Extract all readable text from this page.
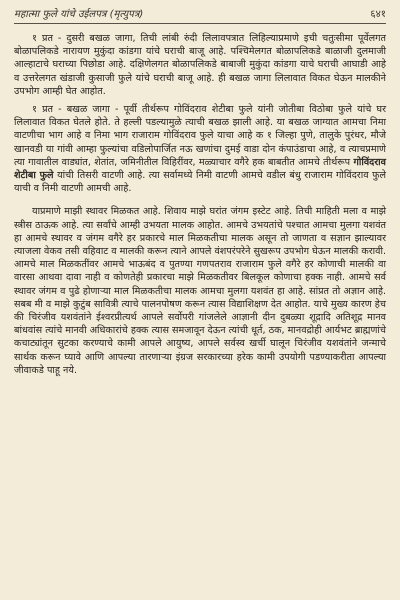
महात्मा फुले यांचे उईलपत्र (मृत्युपत्र)	६४१

१ प्रत - दुसरी बखळ जागा, तिची लांबी रुंदी लिलावपत्रात लिहिल्याप्रमाणे इची चतुःसीमा पूर्वेलगत बोळापलिकडे नारायण मुकुंदा कांडगा यांचे घराची बाजू आहे. पश्चिमेलगत बोळापलिकडे बाळाजी दुलमाजी आल्हाटाचे घराच्या पिछोडा आहे. दक्षिणेलगत बोळापलिकडे बाबाजी मुकुंदा कांडगा याचे घराची आघाडी आहे व उत्तरेलगत खंडाजी कुसाजी फुले यांचे घराची बाजू आहे. ही बखळ जागा लिलावात विकत घेऊन मालकीने उपभोग आम्ही घेत आहोत.

१ प्रत - बखळ जागा - पूर्वी तीर्थरूप गोविंदराव शेटीबा फुले यांनी जोतीबा विठोबा फुले यांचे घर लिलावात विकत घेतले होते. ते हल्ली पडल्यामुळे त्याची बखळ झाली आहे. या बखळ जाग्यात आमचा निमा वाटणीचा भाग आहे व निमा भाग राजाराम गोविंदराव फुले याचा आहे क १ जिल्हा पुणे, तालुके पुरंधर, मौजे खानवडी या गांवी आम्हा फुल्यांचा वडिलोपार्जित नऊ खणांचा दुमई वाडा दोन कंपाउंडाचा आहे, व त्याचप्रमाणे त्या गावातील वाड्यांत, शेतांत, जमिनीतील विहिरींवर, मळ्याचार वगैरे हक बाबतीत आमचे तीर्थरूप गोविंदराव शेटीबा फुले यांची तिसरी वाटणी आहे. त्या सर्वामध्ये निमी वाटणी आमचे वडील बंधु राजाराम गोविंदराव फुले याची व निमी वाटणी आमची आहे.

याप्रमाणे माझी स्थावर मिळकत आहे. शिवाय माझे घरांत जंगम इस्टेट आहे. तिची माहिती मला व माझे स्त्रीस ठाऊक आहे. त्या सर्वांचे आम्ही उभयता मालक आहोत. आमचे उभयतांचे पश्चात आमचा मुलगा यशवंत हा आमचे स्थावर व जंगम वगैरे हर प्रकारचे माल मिळकतीचा मालक असून तो जाणता व सज्ञान झाल्यावर त्याजला वेकव तसी वहिवाट व मालकी करून त्याने आपले वंशपरंपरेने सुखरूप उपभोग घेऊन मालकी करावी. आमचे माल मिळकतींवर आमचे भाऊबंद व पुतण्या गणपतराव राजाराम फुले वगैरे हर कोणाची मालकी वा वारसा आथवा दावा नाही व कोणतेही प्रकारचा माझे मिळकतीवर बिलकूल कोणाचा हक्क नाही. आमचे सर्व स्थावर जंगम व पुढे होणाऱ्या माल मिळकतीचा मालक आमचा मुलगा यशवंत हा आहे. सांप्रत तो अज्ञान आहे. सबब मी व माझे कुटुंब सावित्री त्याचे पालनपोषण करून त्यास विद्याशिक्षण देत आहोत. याचे मुख्य कारण हेच की चिरंजीव यशवंतांने ईश्वरप्रीत्यर्थ आपले सर्वोपरी गांजलेले आज्ञानी दीन दुबळ्या शूद्रादि अतिशूद्र मानव बांधवांस त्यांचे मानवी अधिकारांचे हक्क त्यास समजावून देऊन त्यांची धूर्त, ठक, मानवद्रोही आर्यभट ब्राह्मणांचे कचाट्यांतून सुटका करण्याचे कामी आपले आयुष्य, आपले सर्वस्व खर्ची घालून चिरंजीव यशवंतांने जन्माचे सार्थक करून घ्यावे आणि आपल्या तारणाऱ्या इंग्रज सरकारच्या हरेक कामी उपयोगी पडण्याकरीता आपल्या जीवाकडे पाहू नये.
